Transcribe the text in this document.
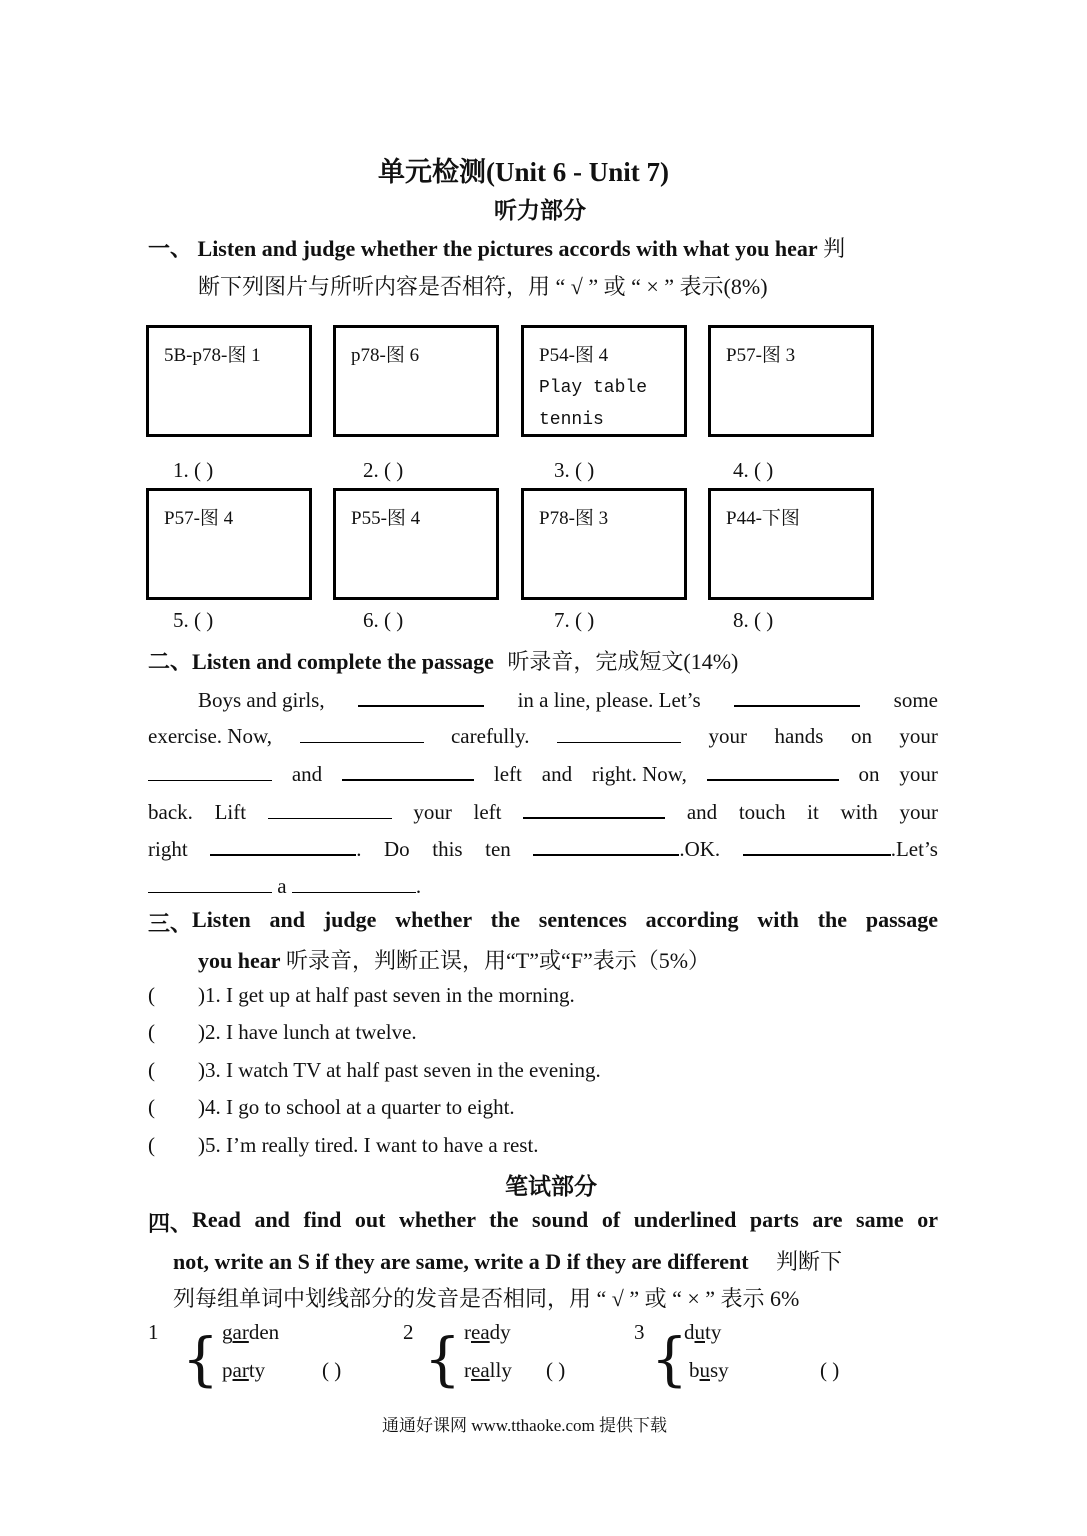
单元检测(Unit 6 - Unit 7)
听力部分
一、 Listen and judge whether the pictures accords with what you hear 判
断下列图片与所听内容是否相符，用 “ √ ” 或 “ × ” 表示(8%)
5B-p78-图 1	p78-图 6	P54-图 4
Play table tennis
P57-图 3
1. ( )	2. ( )	3. ( )	4. ( )
P57-图 4	P55-图 4	P78-图 3	P44-下图
5. ( )	6. ( )	7. ( )	8. ( )
二、Listen and complete the passage 听录音，完成短文(14%)
Boys and girls,	in a line, please. Let’s	some
exercise. Now,	carefully.	your hands on your
and	left and right. Now,	on your
back. Lift	your left	and touch it with your
right	. Do this ten	.OK.	.Let’s
a	.
三、 Listen and judge whether the sentences according with the passage
you hear 听录音，判断正误，用“T”或“F”表示（5%）
( )1. I get up at half past seven in the morning.
( )2. I have lunch at twelve.
( )3. I watch TV at half past seven in the evening.
( )4. I go to school at a quarter to eight.
( )5. I’m really tired. I want to have a rest.
笔试部分
四、 Read and find out whether the sound of underlined parts are same or
not, write an S if they are same, write a D if they are different 判断下
列每组单词中划线部分的发音是否相同，用 “ √ ” 或 “ × ” 表示 6%
1 { garden
party	( )
2 { ready
really ( )
3 {
duty
busy	( )
通通好课网 www.tthaoke.com 提供下载
